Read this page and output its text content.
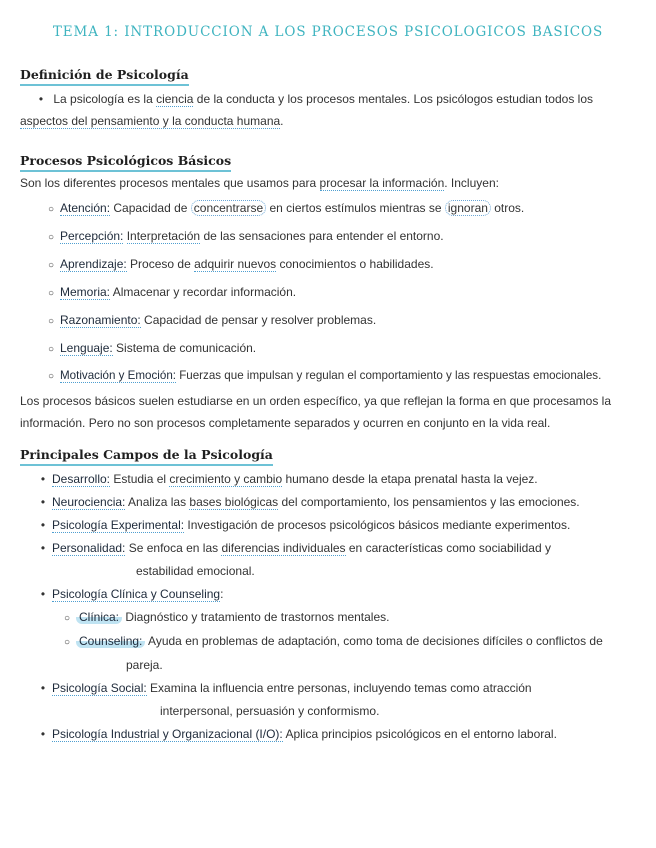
TEMA 1: INTRODUCCION A LOS PROCESOS PSICOLOGICOS BASICOS
Definición de Psicología
• La psicología es la ciencia de la conducta y los procesos mentales. Los psicólogos estudian todos los
aspectos del pensamiento y la conducta humana.
Procesos Psicológicos Básicos
Son los diferentes procesos mentales que usamos para procesar la información. Incluyen:
○ Atención: Capacidad de concentrarse en ciertos estímulos mientras se ignoran otros.
○ Percepción: Interpretación de las sensaciones para entender el entorno.
○ Aprendizaje: Proceso de adquirir nuevos conocimientos o habilidades.
○ Memoria: Almacenar y recordar información.
○ Razonamiento: Capacidad de pensar y resolver problemas.
○ Lenguaje: Sistema de comunicación.
○ Motivación y Emoción: Fuerzas que impulsan y regulan el comportamiento y las respuestas emocionales.
Los procesos básicos suelen estudiarse en un orden específico, ya que reflejan la forma en que procesamos la
información. Pero no son procesos completamente separados y ocurren en conjunto en la vida real.
Principales Campos de la Psicología
• Desarrollo: Estudia el crecimiento y cambio humano desde la etapa prenatal hasta la vejez.
• Neurociencia: Analiza las bases biológicas del comportamiento, los pensamientos y las emociones.
• Psicología Experimental: Investigación de procesos psicológicos básicos mediante experimentos.
• Personalidad: Se enfoca en las diferencias individuales en características como sociabilidad y
estabilidad emocional.
• Psicología Clínica y Counseling:
○ Clínica: Diagnóstico y tratamiento de trastornos mentales.
○ Counseling: Ayuda en problemas de adaptación, como toma de decisiones difíciles o conflictos de
pareja.
• Psicología Social: Examina la influencia entre personas, incluyendo temas como atracción
interpersonal, persuasión y conformismo.
• Psicología Industrial y Organizacional (I/O): Aplica principios psicológicos en el entorno laboral.
